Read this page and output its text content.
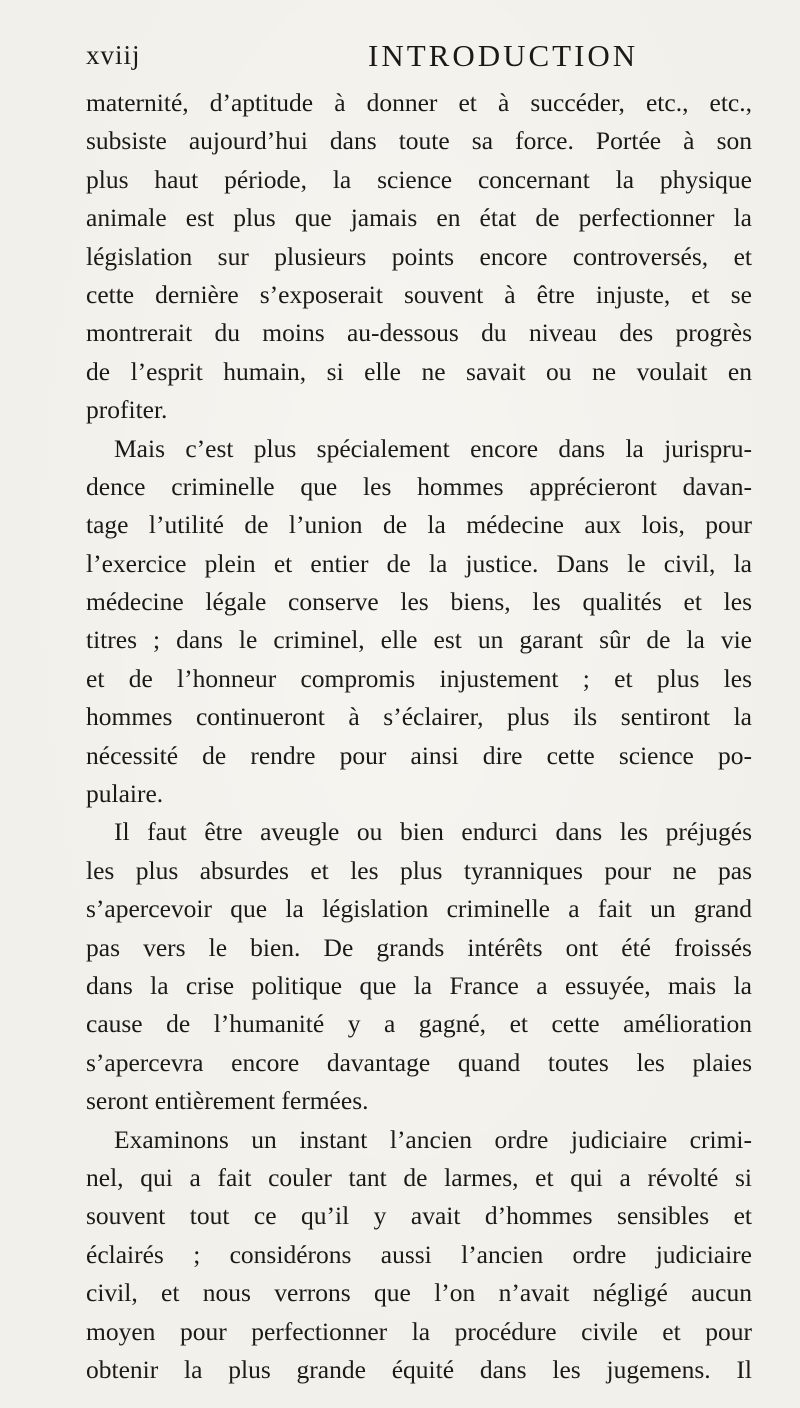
xviij	INTRODUCTION
maternité, d’aptitude à donner et à succéder, etc., etc.,
subsiste aujourd’hui dans toute sa force. Portée à son
plus haut période, la science concernant la physique
animale est plus que jamais en état de perfectionner la
législation sur plusieurs points encore controversés, et
cette dernière s’exposerait souvent à être injuste, et se
montrerait du moins au-dessous du niveau des progrès
de l’esprit humain, si elle ne savait ou ne voulait en
profiter.
Mais c’est plus spécialement encore dans la jurispru-
dence criminelle que les hommes apprécieront davan-
tage l’utilité de l’union de la médecine aux lois, pour
l’exercice plein et entier de la justice. Dans le civil, la
médecine légale conserve les biens, les qualités et les
titres ; dans le criminel, elle est un garant sûr de la vie
et de l’honneur compromis injustement ; et plus les
hommes continueront à s’éclairer, plus ils sentiront la
nécessité de rendre pour ainsi dire cette science po-
pulaire.
Il faut être aveugle ou bien endurci dans les préjugés
les plus absurdes et les plus tyranniques pour ne pas
s’apercevoir que la législation criminelle a fait un grand
pas vers le bien. De grands intérêts ont été froissés
dans la crise politique que la France a essuyée, mais la
cause de l’humanité y a gagné, et cette amélioration
s’apercevra encore davantage quand toutes les plaies
seront entièrement fermées.
Examinons un instant l’ancien ordre judiciaire crimi-
nel, qui a fait couler tant de larmes, et qui a révolté si
souvent tout ce qu’il y avait d’hommes sensibles et
éclairés ; considérons aussi l’ancien ordre judiciaire
civil, et nous verrons que l’on n’avait négligé aucun
moyen pour perfectionner la procédure civile et pour
obtenir la plus grande équité dans les jugemens. Il
